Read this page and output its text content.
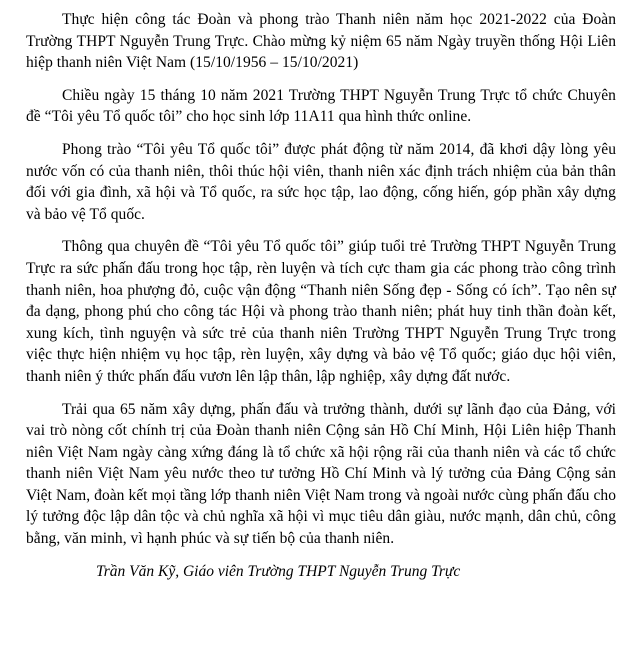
Thực hiện công tác Đoàn và phong trào Thanh niên năm học 2021-2022 của Đoàn Trường THPT Nguyễn Trung Trực. Chào mừng kỷ niệm 65 năm Ngày truyền thống Hội Liên hiệp thanh niên Việt Nam (15/10/1956 – 15/10/2021)

Chiều ngày 15 tháng 10 năm 2021 Trường THPT Nguyễn Trung Trực tổ chức Chuyên đề “Tôi yêu Tổ quốc tôi” cho học sinh lớp 11A11 qua hình thức online.

Phong trào “Tôi yêu Tổ quốc tôi” được phát động từ năm 2014, đã khơi dậy lòng yêu nước vốn có của thanh niên, thôi thúc hội viên, thanh niên xác định trách nhiệm của bản thân đối với gia đình, xã hội và Tổ quốc, ra sức học tập, lao động, cống hiến, góp phần xây dựng và bảo vệ Tổ quốc.

Thông qua chuyên đề “Tôi yêu Tổ quốc tôi” giúp tuổi trẻ Trường THPT Nguyễn Trung Trực ra sức phấn đấu trong học tập, rèn luyện và tích cực tham gia các phong trào công trình thanh niên, hoa phượng đỏ, cuộc vận động “Thanh niên Sống đẹp - Sống có ích”. Tạo nên sự đa dạng, phong phú cho công tác Hội và phong trào thanh niên; phát huy tinh thần đoàn kết, xung kích, tình nguyện và sức trẻ của thanh niên Trường THPT Nguyễn Trung Trực trong việc thực hiện nhiệm vụ học tập, rèn luyện, xây dựng và bảo vệ Tổ quốc; giáo dục hội viên, thanh niên ý thức phấn đấu vươn lên lập thân, lập nghiệp, xây dựng đất nước.

Trải qua 65 năm xây dựng, phấn đấu và trưởng thành, dưới sự lãnh đạo của Đảng, với vai trò nòng cốt chính trị của Đoàn thanh niên Cộng sản Hồ Chí Minh, Hội Liên hiệp Thanh niên Việt Nam ngày càng xứng đáng là tổ chức xã hội rộng rãi của thanh niên và các tổ chức thanh niên Việt Nam yêu nước theo tư tưởng Hồ Chí Minh và lý tưởng của Đảng Cộng sản Việt Nam, đoàn kết mọi tầng lớp thanh niên Việt Nam trong và ngoài nước cùng phấn đấu cho lý tưởng độc lập dân tộc và chủ nghĩa xã hội vì mục tiêu dân giàu, nước mạnh, dân chủ, công bằng, văn minh, vì hạnh phúc và sự tiến bộ của thanh niên.

Trần Văn Kỹ, Giáo viên Trường THPT Nguyễn Trung Trực
